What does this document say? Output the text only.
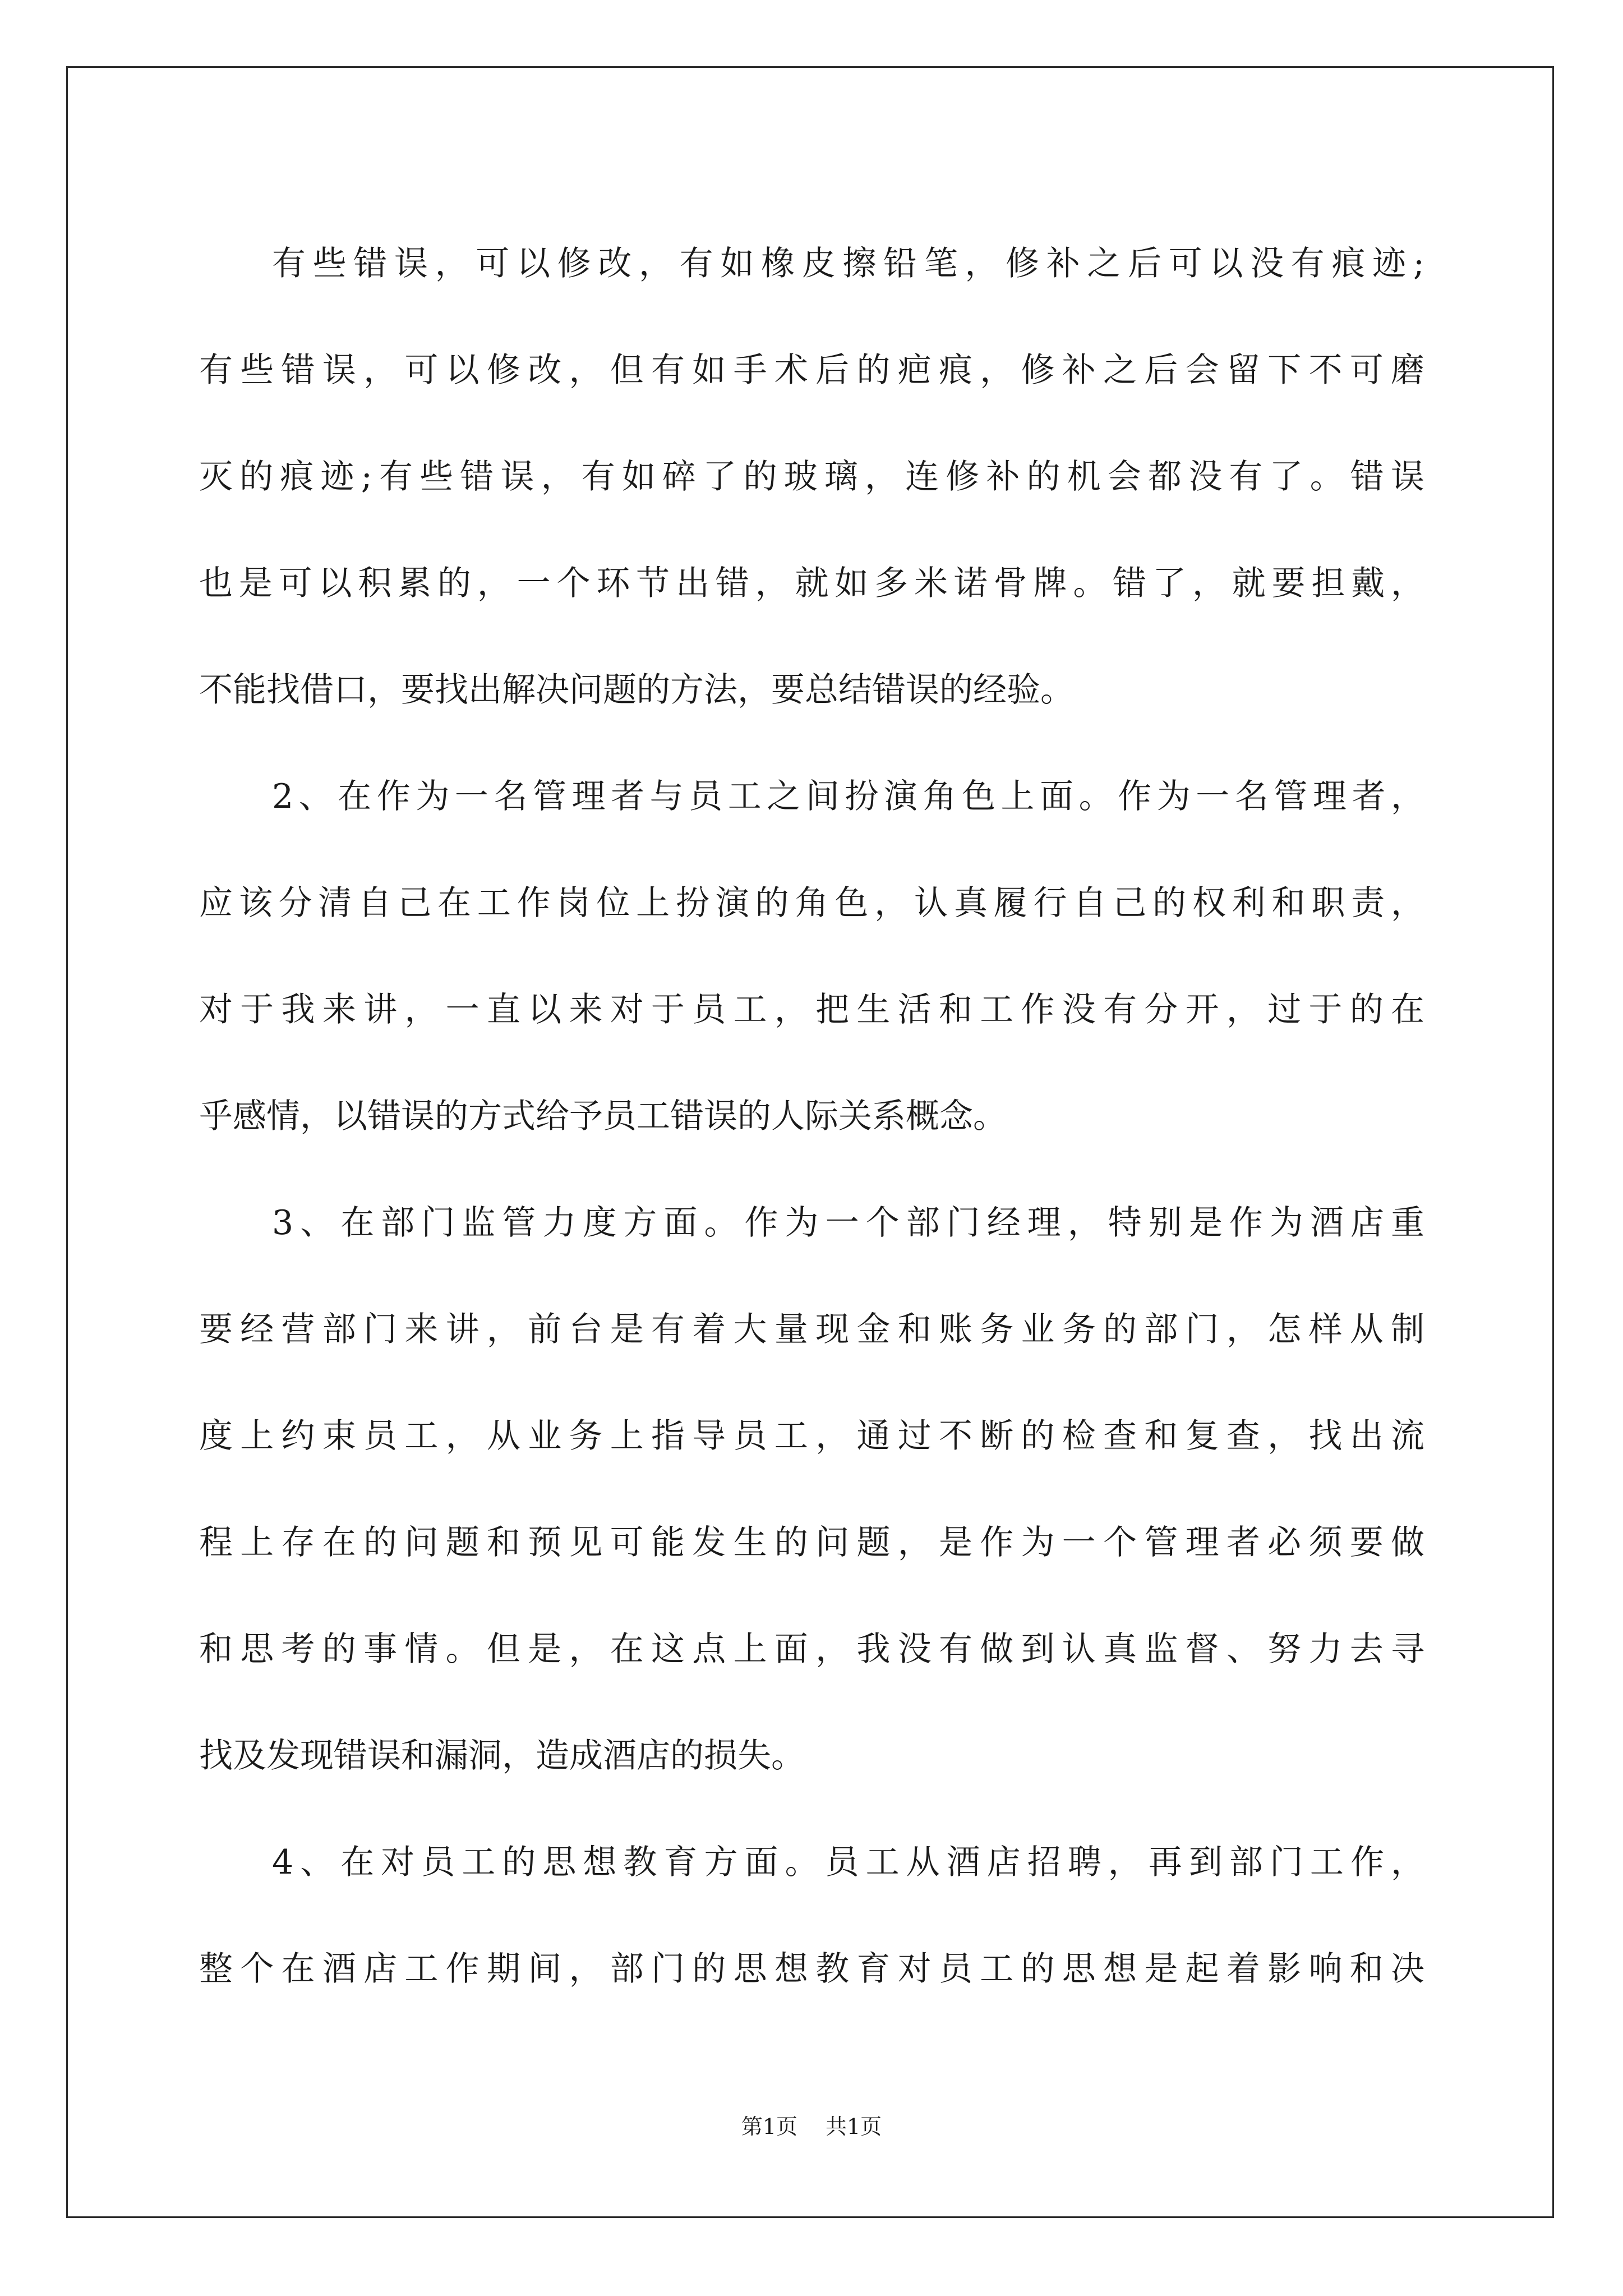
有些错误，可以修改，有如橡皮擦铅笔，修补之后可以没有痕迹;
有些错误，可以修改，但有如手术后的疤痕，修补之后会留下不可磨
灭的痕迹;有些错误，有如碎了的玻璃，连修补的机会都没有了。错误
也是可以积累的，一个环节出错，就如多米诺骨牌。错了，就要担戴，
不能找借口，要找出解决问题的方法，要总结错误的经验。
2、在作为一名管理者与员工之间扮演角色上面。作为一名管理者，
应该分清自己在工作岗位上扮演的角色，认真履行自己的权利和职责，
对于我来讲，一直以来对于员工，把生活和工作没有分开，过于的在
乎感情，以错误的方式给予员工错误的人际关系概念。
3、在部门监管力度方面。作为一个部门经理，特别是作为酒店重
要经营部门来讲，前台是有着大量现金和账务业务的部门，怎样从制
度上约束员工，从业务上指导员工，通过不断的检查和复查，找出流
程上存在的问题和预见可能发生的问题，是作为一个管理者必须要做
和思考的事情。但是，在这点上面，我没有做到认真监督、努力去寻
找及发现错误和漏洞，造成酒店的损失。
4、在对员工的思想教育方面。员工从酒店招聘，再到部门工作，
整个在酒店工作期间，部门的思想教育对员工的思想是起着影响和决
第1页 共1页
